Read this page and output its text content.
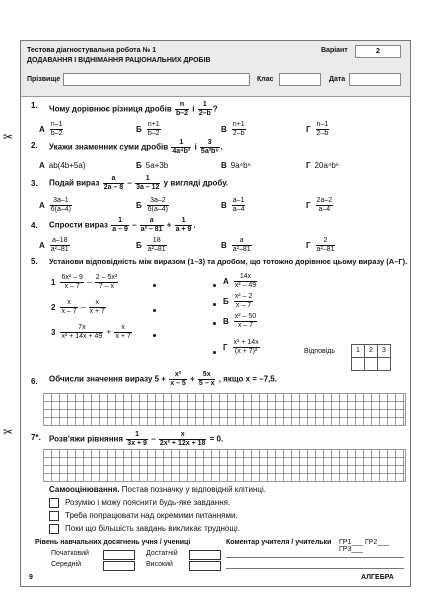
Тестова діагностувальна робота № 1
ДОДАВАННЯ І ВІДНІМАННЯ РАЦІОНАЛЬНИХ ДРОБІВ
Варіант	2
Прізвище	Клас	Дата
1. Чому дорівнює різниця дробів $\frac{n}{b-2}$ і $\frac{1}{2-b}$ ?
А $\frac{n-1}{b-2}$	Б $\frac{n+1}{b-2}$	В $\frac{n+1}{2-b}$	Г $\frac{n-1}{2-b}$
2. Укажи знаменник суми дробів $\frac{1}{\text{4a⁴b³}}$ і $\frac{3}{\text{5a³b⁶}}$ .
А ab(4b+5a)	Б 5a+3b	В 9a⁴b⁶	Г 20a⁴b⁶
3. Подай вираз $\frac{a}{2a - 8} - \frac{1}{3a - 12}$ у вигляді дробу.
А $\frac{3a-1}{6(a-4)}$	Б $\frac{3a-2}{6(a-4)}$	В $\frac{a-1}{a-4}$	Г $\frac{2a-2}{a-4}$
4. Спрости вираз $\frac{1}{a - 9} - \frac{a}{\text{a² – 81}} + \frac{1}{a + 9}$ .
А $\frac{a-18}{\text{a²–81}}$	Б $\frac{18}{\text{a²–81}}$	В $\frac{a}{\text{a²–81}}$	Г $\frac{2}{\text{a²–81}}$
5. Установи відповідність між виразом (1–3) та дробом, що тотожно дорівнює цьому виразу (А–Г).
$1 \frac{\text{6x² – 9}}{x - 7} - \frac{\text{2 – 5x²}}{7 - x}$
$2 \frac{x}{x - 7} - \frac{x}{x + 7}$
$3 \frac{7x}{\text{x² + 14x + 49}} + \frac{x}{x + 7}$
А $\frac{14x}{\text{x² – 49}}$
Б $\frac{\text{x² – 2}}{x - 7}$
В $\frac{\text{x² – 50}}{x - 7}$
Г $\frac{\text{x² + 14x}}{\text{(x + 7)²}}$	Відповідь	1	2	3
6. Обчисли значення виразу $5 + \frac{\text{x²}}{x - 5} + \frac{5x}{5 - x}$ , якщо x = –7,5.
7*. Розв'яжи рівняння $\frac{1}{3x + 9} - \frac{x}{\text{2x² + 12x + 18}} = 0$.
Самооцінювання. Постав позначку у відповідній клітинці.
Розумію і можу пояснити будь-яке завдання.
Треба попрацювати над окремими питаннями.
Поки що більшість завдань викликає труднощі.
Рівень навчальних досягнень учня / учениці
Початковий	Достатній
Середній	Високий
Коментар учителя / учительки ГР1___ ГР2___ ГР3___
9	АЛГЕБРА
✂
✂
